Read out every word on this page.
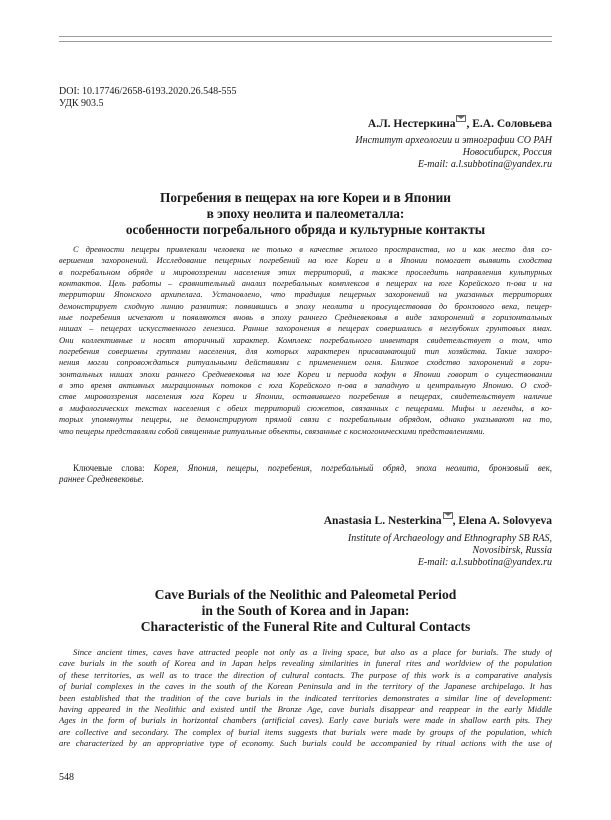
DOI: 10.17746/2658-6193.2020.26.548-555
УДК 903.5
А.Л. Нестеркина , Е.А. Соловьева
Институт археологии и этнографии СО РАН
Новосибирск, Россия
E-mail: a.l.subbotina@yandex.ru
Погребения в пещерах на юге Кореи и в Японии
в эпоху неолита и палеометалла:
особенности погребального обряда и культурные контакты
С древности пещеры привлекали человека не только в качестве жилого пространства, но и как место для со-
вершения захоронений. Исследование пещерных погребений на юге Кореи и в Японии помогает выявить сходства
в погребальном обряде и мировоззрении населения этих территорий, а также проследить направления культурных
контактов. Цель работы – сравнительный анализ погребальных комплексов в пещерах на юге Корейского п-ова и на
территории Японского архипелага. Установлено, что традиция пещерных захоронений на указанных территориях
демонстрирует сходную линию развития: появившись в эпоху неолита и просуществовав до бронзового века, пещер-
ные погребения исчезают и появляются вновь в эпоху раннего Средневековья в виде захоронений в горизонтальных
нишах – пещерах искусственного генезиса. Ранние захоронения в пещерах совершались в неглубоких грунтовых ямах.
Они коллективные и носят вторичный характер. Комплекс погребального инвентаря свидетельствует о том, что
погребения совершены группами населения, для которых характерен присваивающий тип хозяйства. Такие захоро-
нения могли сопровождаться ритуальными действиями с применением огня. Близкое сходство захоронений в гори-
зонтальных нишах эпохи раннего Средневековья на юге Кореи и периода кофун в Японии говорит о существовании
в это время активных миграционных потоков с юга Корейского п-ова в западную и центральную Японию. О сход-
стве мировоззрения населения юга Кореи и Японии, оставившего погребения в пещерах, свидетельствует наличие
в мифологических текстах населения с обеих территорий сюжетов, связанных с пещерами. Мифы и легенды, в ко-
торых упомянуты пещеры, не демонстрируют прямой связи с погребальным обрядом, однако указывают на то,
что пещеры представляли собой священные ритуальные объекты, связанные с космогоническими представлениями.
Ключевые слова: Корея, Япония, пещеры, погребения, погребальный обряд, эпоха неолита, бронзовый век,
раннее Средневековье.
Anastasia L. Nesterkina , Elena A. Solovyeva
Institute of Archaeology and Ethnography SB RAS,
Novosibirsk, Russia
E-mail: a.l.subbotina@yandex.ru
Cave Burials of the Neolithic and Paleometal Period
in the South of Korea and in Japan:
Characteristic of the Funeral Rite and Cultural Contacts
Since ancient times, caves have attracted people not only as a living space, but also as a place for burials. The study of
cave burials in the south of Korea and in Japan helps revealing similarities in funeral rites and worldview of the population
of these territories, as well as to trace the direction of cultural contacts. The purpose of this work is a comparative analysis
of burial complexes in the caves in the south of the Korean Peninsula and in the territory of the Japanese archipelago. It has
been established that the tradition of the cave burials in the indicated territories demonstrates a similar line of development:
having appeared in the Neolithic and existed until the Bronze Age, cave burials disappear and reappear in the early Middle
Ages in the form of burials in horizontal chambers (artificial caves). Early cave burials were made in shallow earth pits. They
are collective and secondary. The complex of burial items suggests that burials were made by groups of the population, which
are characterized by an appropriative type of economy. Such burials could be accompanied by ritual actions with the use of
548
